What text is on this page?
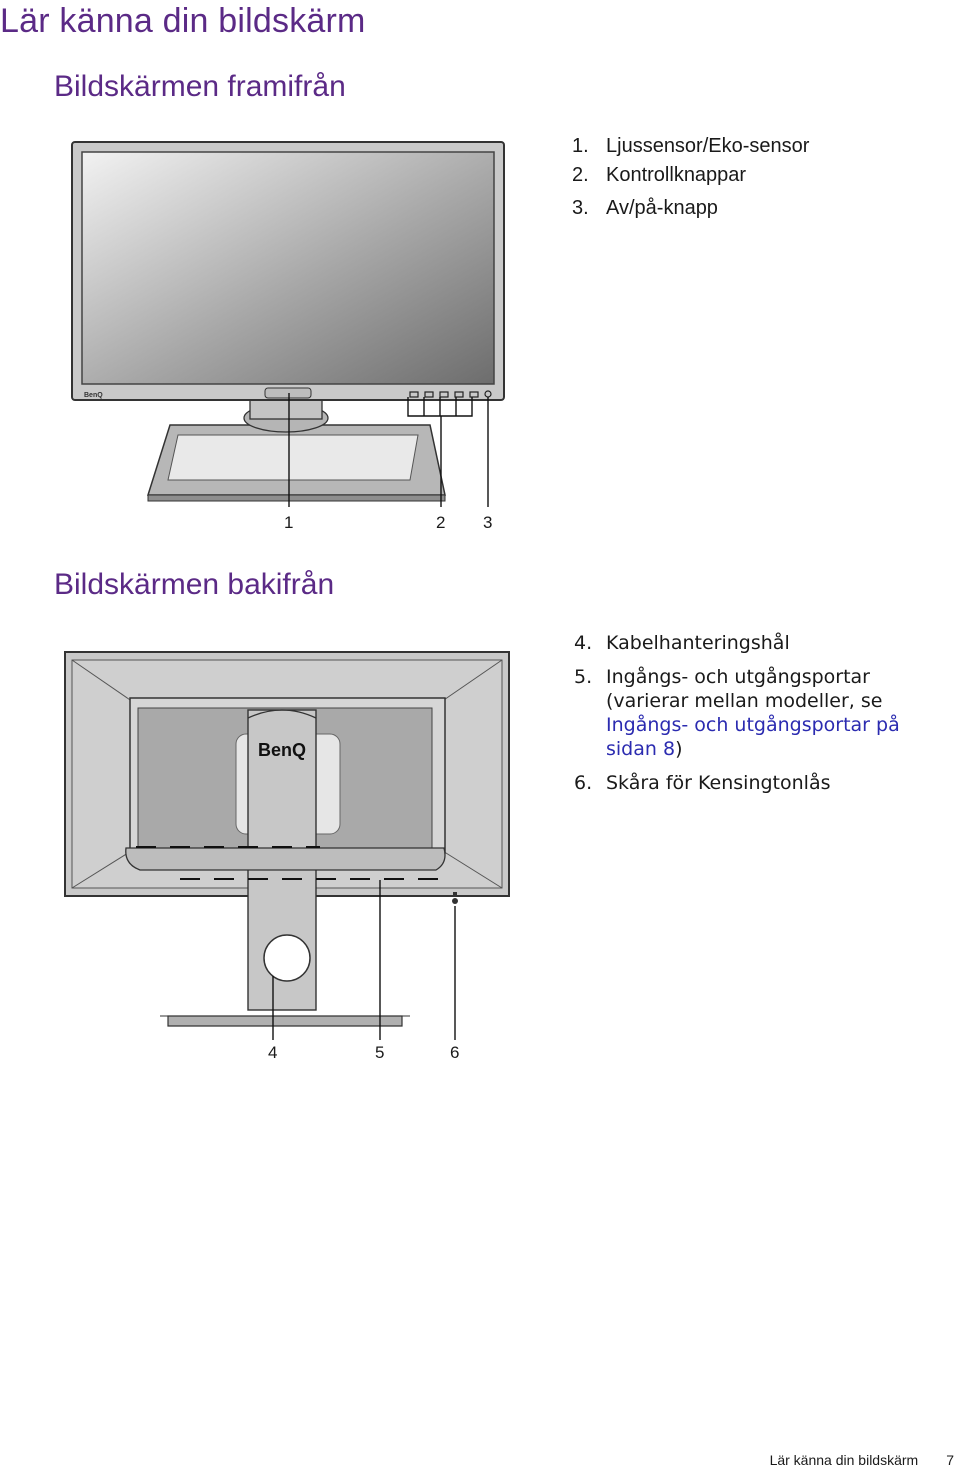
Lär känna din bildskärm
Bildskärmen framifrån
1. Ljussensor/Eko-sensor
2. Kontrollknappar
3. Av/på-knapp
BenQ
1	2 3
Bildskärmen bakifrån
4. Kabelhanteringshål
5. Ingångs- och utgångsportar (varierar mellan modeller, se Ingångs- och utgångsportar på sidan 8)
6. Skåra för Kensingtonlås
BenQ
4	5	6
Lär känna din bildskärm 7
